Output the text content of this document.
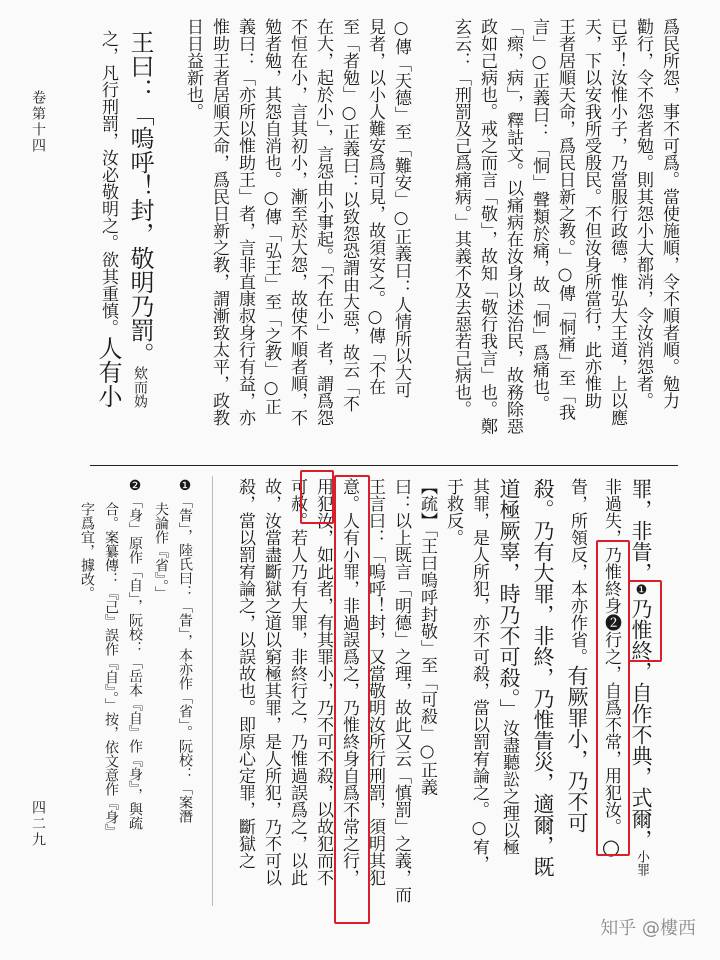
卷第十四
四二九
爲民所怨，事不可爲。當使施順，令不順者順。勉力
勸行，令不怨者勉。則其怨小大都消，令汝消怨者。
已乎！汝惟小子，乃當服行政德，惟弘大王道，上以應
天，下以安我所受殷民。不但汝身所當行，此亦惟助
王者居順天命，爲民日新之教。」○傳「恫痛」至「我
言」○正義曰：「恫」聲類於痛，故「恫」爲痛也。
「瘝，病」，釋詁文。以痛病在汝身以述治民，故務除惡
政如己病也。戒之而言「敬」，故知「敬行我言」也。鄭
玄云：「刑罰及己爲痛病。」其義不及去惡若己病也。
○傳「天德」至「難安」○正義曰：人情所以大可
見者，以小人難安爲可見，故須安之。○傳「不在
至「者勉」○正義曰：以致怨恐謂由大惡，故云「不
在大，起於小」，言怨由小事起。「不在小」者，謂爲怨
不恒在小，言其初小，漸至於大怨，故使不順者順，不
勉者勉，其怨自消也。○傳「弘王」至「之教」○正
義曰：「亦所以惟助王」者，言非直康叔身行有益，亦
惟助王者居順天命，爲民日新之教，謂漸致太平，政教
日日益新也。
王曰：「嗚呼！封，敬明乃罰。欸而妫
之，凡行刑罰，汝必敬明之。欲其重慎。人有小
罪，非眚，❶乃惟終，自作不典，式爾，小罪
非過失，乃惟終身❷行之，自爲不常，用犯汝。○
眚，所領反，本亦作省。有厥罪小，乃不可
殺。乃有大罪，非終，乃惟眚災，適爾，既
道極厥辜，時乃不可殺。」汝盡聽訟之理以極
其罪，是人所犯，亦不可殺，當以罰宥論之。○宥，
于救反。
【疏】「王曰嗚呼封敬」至「可殺」○正義
曰：以上既言「明德」之理，故此又云「慎罰」之義，而
王言曰：「嗚呼！封，又當敬明汝所行刑罰，須明其犯
意。人有小罪，非過誤爲之，乃惟終身自爲不常之行，
用犯汝，如此者，有其罪小，乃不可不殺，以故犯而不
可赦。若人乃有大罪，非終行之，乃惟過誤爲之，以此
故，汝當盡斷獄之道以窮極其罪，是人所犯，乃不可以
殺，當以罰宥論之，以誤故也。即原心定罪，斷獄之
❶「眚」，陸氏曰：「眚」，本亦作「省」。阮校：「案潛
夫論作『省』。」
❷「身」原作「自」，阮校：「岳本『自』作『身』，與疏
合。案纂傳：『己』誤作『自』。」按，依文意作『身』
字爲宜，據改。
知乎 @樓西
